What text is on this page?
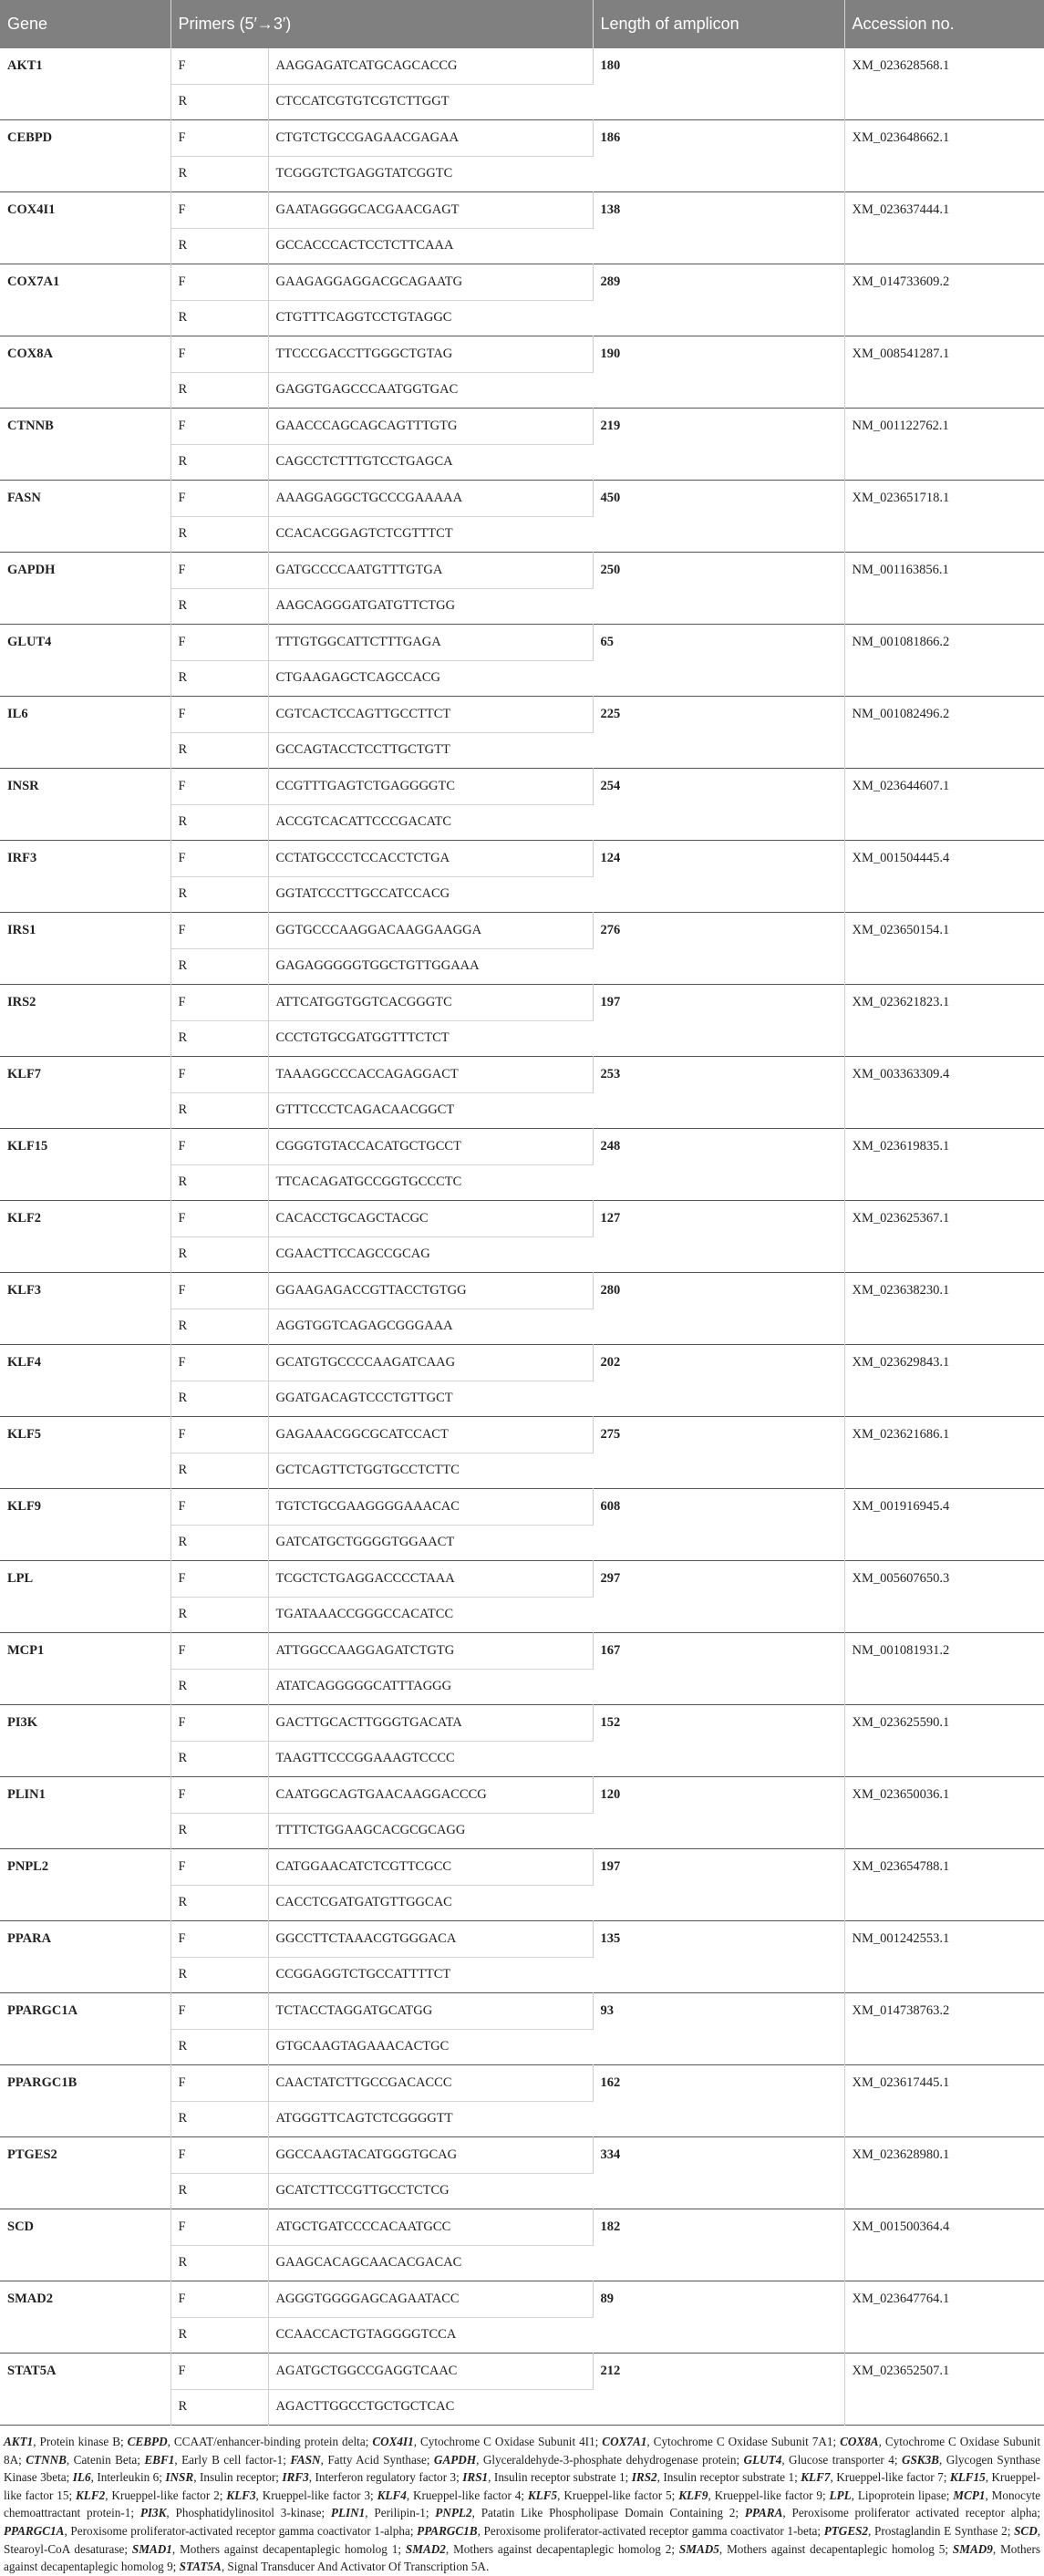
Gene	Primers (5′→3′)		Length of amplicon	Accession no.
AKT1	F	AAGGAGATCATGCAGCACCG	180	XM_023628568.1
	R	CTCCATCGTGTCGTCTTGGT		
CEBPD	F	CTGTCTGCCGAGAACGAGAA	186	XM_023648662.1
	R	TCGGGTCTGAGGTATCGGTC		
COX4I1	F	GAATAGGGGCACGAACGAGT	138	XM_023637444.1
	R	GCCACCCACTCCTCTTCAAA		
COX7A1	F	GAAGAGGAGGACGCAGAATG	289	XM_014733609.2
	R	CTGTTTCAGGTCCTGTAGGC		
COX8A	F	TTCCCGACCTTGGGCTGTAG	190	XM_008541287.1
	R	GAGGTGAGCCCAATGGTGAC		
CTNNB	F	GAACCCAGCAGCAGTTTGTG	219	NM_001122762.1
	R	CAGCCTCTTTGTCCTGAGCA		
FASN	F	AAAGGAGGCTGCCCGAAAAA	450	XM_023651718.1
	R	CCACACGGAGTCTCGTTTCT		
GAPDH	F	GATGCCCCAATGTTTGTGA	250	NM_001163856.1
	R	AAGCAGGGATGATGTTCTGG		
GLUT4	F	TTTGTGGCATTCTTTGAGA	65	NM_001081866.2
	R	CTGAAGAGCTCAGCCACG		
IL6	F	CGTCACTCCAGTTGCCTTCT	225	NM_001082496.2
	R	GCCAGTACCTCCTTGCTGTT		
INSR	F	CCGTTTGAGTCTGAGGGGTC	254	XM_023644607.1
	R	ACCGTCACATTCCCGACATC		
IRF3	F	CCTATGCCCTCCACCTCTGA	124	XM_001504445.4
	R	GGTATCCCTTGCCATCCACG		
IRS1	F	GGTGCCCAAGGACAAGGAAGGA	276	XM_023650154.1
	R	GAGAGGGGGTGGCTGTTGGAAA		
IRS2	F	ATTCATGGTGGTCACGGGTC	197	XM_023621823.1
	R	CCCTGTGCGATGGTTTCTCT		
KLF7	F	TAAAGGCCCACCAGAGGACT	253	XM_003363309.4
	R	GTTTCCCTCAGACAACGGCT		
KLF15	F	CGGGTGTACCACATGCTGCCT	248	XM_023619835.1
	R	TTCACAGATGCCGGTGCCCTC		
KLF2	F	CACACCTGCAGCTACGC	127	XM_023625367.1
	R	CGAACTTCCAGCCGCAG		
KLF3	F	GGAAGAGACCGTTACCTGTGG	280	XM_023638230.1
	R	AGGTGGTCAGAGCGGGAAA		
KLF4	F	GCATGTGCCCCAAGATCAAG	202	XM_023629843.1
	R	GGATGACAGTCCCTGTTGCT		
KLF5	F	GAGAAACGGCGCATCCACT	275	XM_023621686.1
	R	GCTCAGTTCTGGTGCCTCTTC		
KLF9	F	TGTCTGCGAAGGGGAAACAC	608	XM_001916945.4
	R	GATCATGCTGGGGTGGAACT		
LPL	F	TCGCTCTGAGGACCCCTAAA	297	XM_005607650.3
	R	TGATAAACCGGGCCACATCC		
MCP1	F	ATTGGCCAAGGAGATCTGTG	167	NM_001081931.2
	R	ATATCAGGGGGCATTTAGGG		
PI3K	F	GACTTGCACTTGGGTGACATA	152	XM_023625590.1
	R	TAAGTTCCCGGAAAGTCCCC		
PLIN1	F	CAATGGCAGTGAACAAGGACCCG	120	XM_023650036.1
	R	TTTTCTGGAAGCACGCGCAGG		
PNPL2	F	CATGGAACATCTCGTTCGCC	197	XM_023654788.1
	R	CACCTCGATGATGTTGGCAC		
PPARA	F	GGCCTTCTAAACGTGGGACA	135	NM_001242553.1
	R	CCGGAGGTCTGCCATTTTCT		
PPARGC1A	F	TCTACCTAGGATGCATGG	93	XM_014738763.2
	R	GTGCAAGTAGAAACACTGC		
PPARGC1B	F	CAACTATCTTGCCGACACCC	162	XM_023617445.1
	R	ATGGGTTCAGTCTCGGGGTT		
PTGES2	F	GGCCAAGTACATGGGTGCAG	334	XM_023628980.1
	R	GCATCTTCCGTTGCCTCTCG		
SCD	F	ATGCTGATCCCCACAATGCC	182	XM_001500364.4
	R	GAAGCACAGCAACACGACAC		
SMAD2	F	AGGGTGGGGAGCAGAATACC	89	XM_023647764.1
	R	CCAACCACTGTAGGGGTCCA		
STAT5A	F	AGATGCTGGCCGAGGTCAAC	212	XM_023652507.1
	R	AGACTTGGCCTGCTGCTCAC		
AKT1, Protein kinase B; CEBPD, CCAAT/enhancer-binding protein delta; COX4I1, Cytochrome C Oxidase Subunit 4I1; COX7A1, Cytochrome C Oxidase Subunit 7A1; COX8A, Cytochrome C Oxidase Subunit 8A; CTNNB, Catenin Beta; EBF1, Early B cell factor-1; FASN, Fatty Acid Synthase; GAPDH, Glyceraldehyde-3-phosphate dehydrogenase protein; GLUT4, Glucose transporter 4; GSK3B, Glycogen Synthase Kinase 3beta; IL6, Interleukin 6; INSR, Insulin receptor; IRF3, Interferon regulatory factor 3; IRS1, Insulin receptor substrate 1; IRS2, Insulin receptor substrate 1; KLF7, Krueppel-like factor 7; KLF15, Krueppel-like factor 15; KLF2, Krueppel-like factor 2; KLF3, Krueppel-like factor 3; KLF4, Krueppel-like factor 4; KLF5, Krueppel-like factor 5; KLF9, Krueppel-like factor 9; LPL, Lipoprotein lipase; MCP1, Monocyte chemoattractant protein-1; PI3K, Phosphatidylinositol 3-kinase; PLIN1, Perilipin-1; PNPL2, Patatin Like Phospholipase Domain Containing 2; PPARA, Peroxisome proliferator activated receptor alpha; PPARGC1A, Peroxisome proliferator-activated receptor gamma coactivator 1-alpha; PPARGC1B, Peroxisome proliferator-activated receptor gamma coactivator 1-beta; PTGES2, Prostaglandin E Synthase 2; SCD, Stearoyl-CoA desaturase; SMAD1, Mothers against decapentaplegic homolog 1; SMAD2, Mothers against decapentaplegic homolog 2; SMAD5, Mothers against decapentaplegic homolog 5; SMAD9, Mothers against decapentaplegic homolog 9; STAT5A, Signal Transducer And Activator Of Transcription 5A.
